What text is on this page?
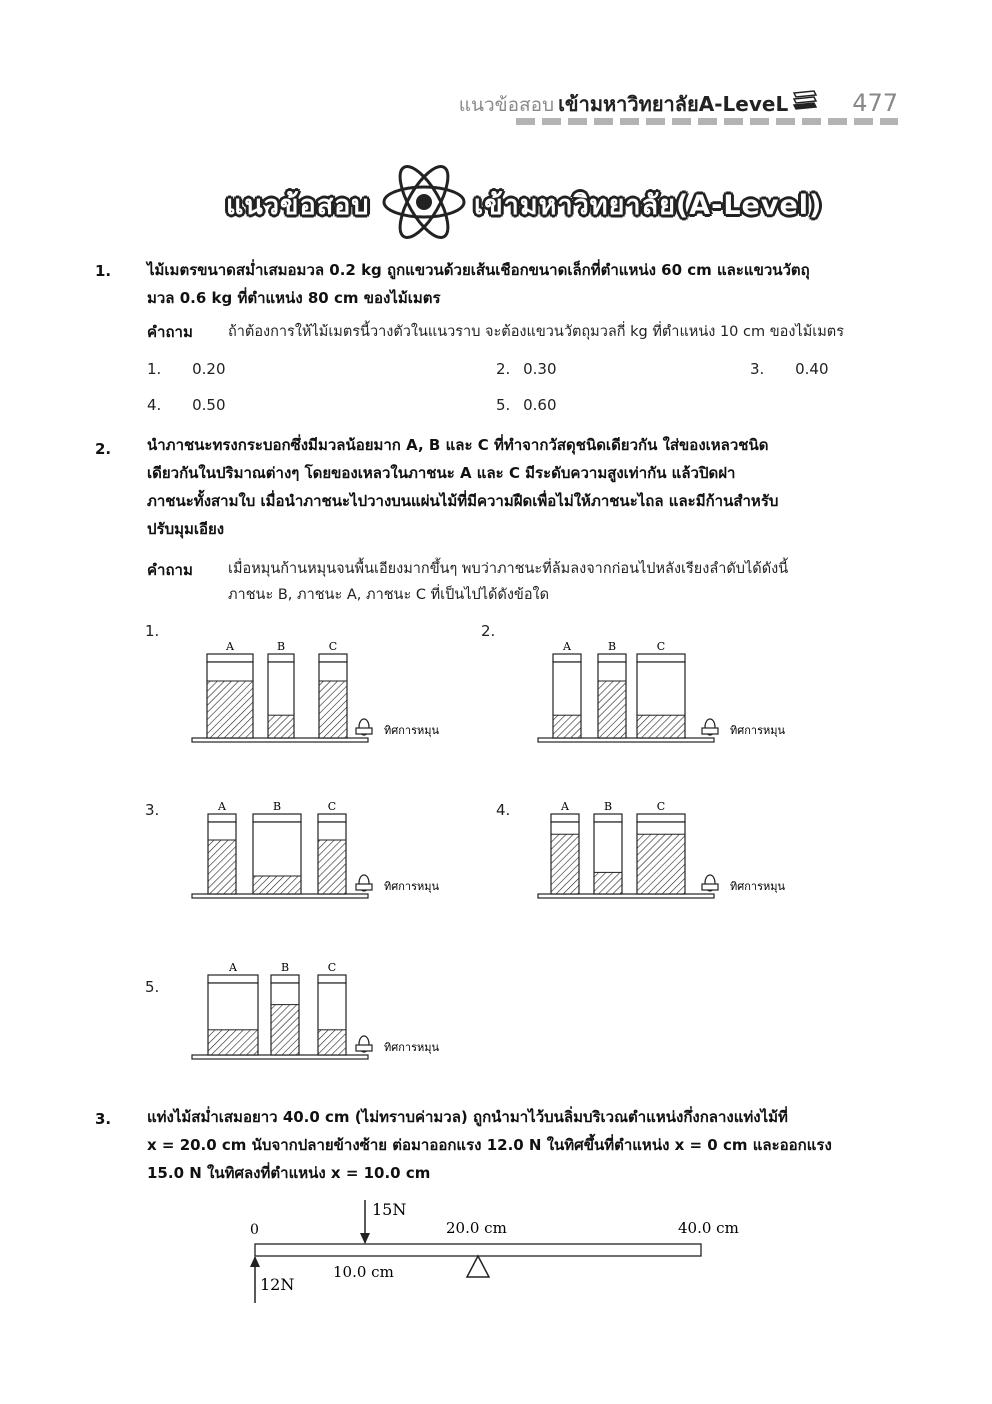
แนวข้อสอบ เข้ามหาวิทยาลัยA-LeveL	477
แนวข้อสอบ	เข้ามหาวิทยาลัย(A-Level)
1. ไม้เมตรขนาดสม่ำเสมอมวล 0.2 kg ถูกแขวนด้วยเส้นเชือกขนาดเล็กที่ตำแหน่ง 60 cm และแขวนวัตถุ
มวล 0.6 kg ที่ตำแหน่ง 80 cm ของไม้เมตร
คำถาม ถ้าต้องการให้ไม้เมตรนี้วางตัวในแนวราบ จะต้องแขวนวัตถุมวลกี่ kg ที่ตำแหน่ง 10 cm ของไม้เมตร
1. 0.20	2. 0.30	3. 0.40
4. 0.50	5. 0.60
2. นำภาชนะทรงกระบอกซึ่งมีมวลน้อยมาก A, B และ C ที่ทำจากวัสดุชนิดเดียวกัน ใส่ของเหลวชนิด
เดียวกันในปริมาณต่างๆ โดยของเหลวในภาชนะ A และ C มีระดับความสูงเท่ากัน แล้วปิดฝา
ภาชนะทั้งสามใบ เมื่อนำภาชนะไปวางบนแผ่นไม้ที่มีความฝืดเพื่อไม่ให้ภาชนะไถล และมีก้านสำหรับ
ปรับมุมเอียง
คำถาม เมื่อหมุนก้านหมุนจนพื้นเอียงมากขึ้นๆ พบว่าภาชนะที่ล้มลงจากก่อนไปหลังเรียงลำดับได้ดังนี้
ภาชนะ B, ภาชนะ A, ภาชนะ C ที่เป็นไปได้ดังข้อใด
1.	2.
3.	4.
5.
A	B	C
ทิศการหมุน
A	B	C
ทิศการหมุน
A	B	C
ทิศการหมุน
A	B	C
ทิศการหมุน
A	B	C
ทิศการหมุน
3. แท่งไม้สม่ำเสมอยาว 40.0 cm (ไม่ทราบค่ามวล) ถูกนำมาไว้บนลิ่มบริเวณตำแหน่งกึ่งกลางแท่งไม้ที่
x = 20.0 cm นับจากปลายข้างซ้าย ต่อมาออกแรง 12.0 N ในทิศขึ้นที่ตำแหน่ง x = 0 cm และออกแรง
15.0 N ในทิศลงที่ตำแหน่ง x = 10.0 cm
0
15N
20.0 cm	40.0 cm
10.0 cm
12N
